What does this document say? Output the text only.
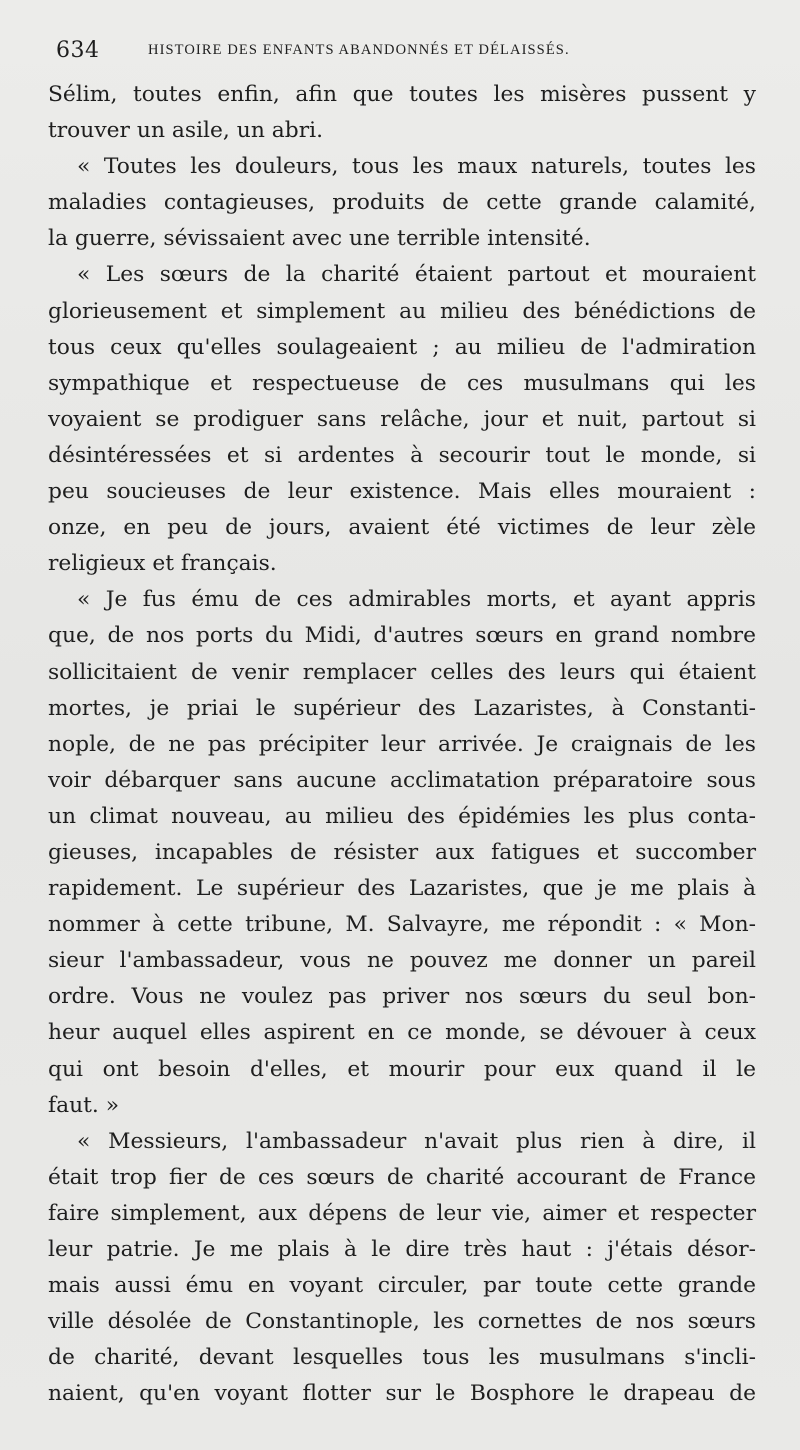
634	HISTOIRE DES ENFANTS ABANDONNÉS ET DÉLAISSÉS.
Sélim, toutes enfin, afin que toutes les misères pussent y
trouver un asile, un abri.
« Toutes les douleurs, tous les maux naturels, toutes les
maladies contagieuses, produits de cette grande calamité,
la guerre, sévissaient avec une terrible intensité.
« Les sœurs de la charité étaient partout et mouraient
glorieusement et simplement au milieu des bénédictions de
tous ceux qu'elles soulageaient ; au milieu de l'admiration
sympathique et respectueuse de ces musulmans qui les
voyaient se prodiguer sans relâche, jour et nuit, partout si
désintéressées et si ardentes à secourir tout le monde, si
peu soucieuses de leur existence. Mais elles mouraient :
onze, en peu de jours, avaient été victimes de leur zèle
religieux et français.
« Je fus ému de ces admirables morts, et ayant appris
que, de nos ports du Midi, d'autres sœurs en grand nombre
sollicitaient de venir remplacer celles des leurs qui étaient
mortes, je priai le supérieur des Lazaristes, à Constanti-
nople, de ne pas précipiter leur arrivée. Je craignais de les
voir débarquer sans aucune acclimatation préparatoire sous
un climat nouveau, au milieu des épidémies les plus conta-
gieuses, incapables de résister aux fatigues et succomber
rapidement. Le supérieur des Lazaristes, que je me plais à
nommer à cette tribune, M. Salvayre, me répondit : « Mon-
sieur l'ambassadeur, vous ne pouvez me donner un pareil
ordre. Vous ne voulez pas priver nos sœurs du seul bon-
heur auquel elles aspirent en ce monde, se dévouer à ceux
qui ont besoin d'elles, et mourir pour eux quand il le
faut. »
« Messieurs, l'ambassadeur n'avait plus rien à dire, il
était trop fier de ces sœurs de charité accourant de France
faire simplement, aux dépens de leur vie, aimer et respecter
leur patrie. Je me plais à le dire très haut : j'étais désor-
mais aussi ému en voyant circuler, par toute cette grande
ville désolée de Constantinople, les cornettes de nos sœurs
de charité, devant lesquelles tous les musulmans s'incli-
naient, qu'en voyant flotter sur le Bosphore le drapeau de
